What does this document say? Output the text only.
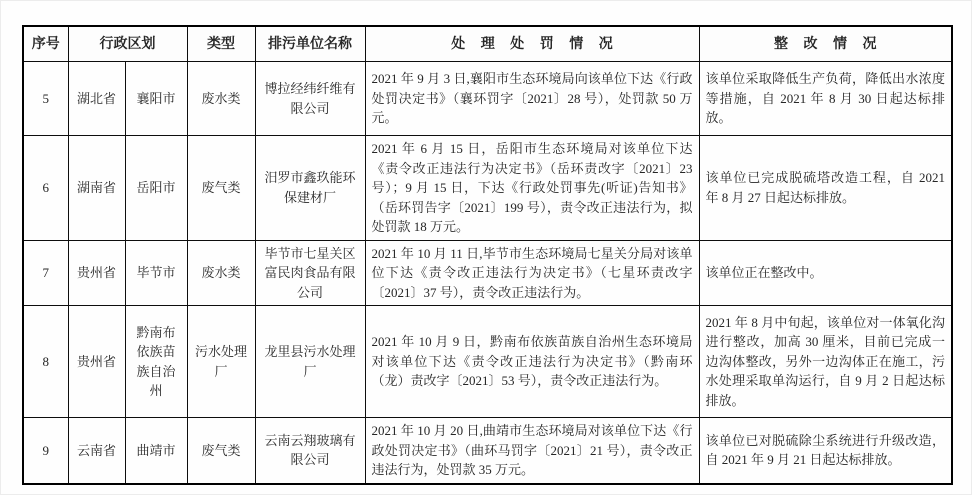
序号	行政区划		类型	排污单位名称	处 理 处 罚 情 况	整 改 情 况
5	湖北省	襄阳市	废水类	博拉经纬纤维有限公司	2021 年 9 月 3 日,襄阳市生态环境局向该单位下达《行政处罚决定书》（襄环罚字〔2021〕28 号），处罚款 50 万元。	该单位采取降低生产负荷，降低出水浓度等措施，自 2021 年 8 月 30 日起达标排放。
6	湖南省	岳阳市	废气类	汨罗市鑫玖能环保建材厂	2021 年 6 月 15 日，岳阳市生态环境局对该单位下达《责令改正违法行为决定书》（岳环责改字〔2021〕23 号）；9 月 15 日，下达《行政处罚事先(听证)告知书》（岳环罚告字〔2021〕199 号），责令改正违法行为，拟处罚款 18 万元。	该单位已完成脱硫塔改造工程，自 2021 年 8 月 27 日起达标排放。
7	贵州省	毕节市	废水类	毕节市七星关区富民肉食品有限公司	2021 年 10 月 11 日,毕节市生态环境局七星关分局对该单位下达《责令改正违法行为决定书》（七星环责改字〔2021〕37 号），责令改正违法行为。	该单位正在整改中。
8	贵州省	黔南布依族苗族自治州	污水处理厂	龙里县污水处理厂	2021 年 10 月 9 日，黔南布依族苗族自治州生态环境局对该单位下达《责令改正违法行为决定书》（黔南环（龙）责改字〔2021〕53 号），责令改正违法行为。	2021 年 8 月中旬起，该单位对一体氧化沟进行整改，加高 30 厘米，目前已完成一边沟体整改，另外一边沟体正在施工，污水处理采取单沟运行，自 9 月 2 日起达标排放。
9	云南省	曲靖市	废气类	云南云翔玻璃有限公司	2021 年 10 月 20 日,曲靖市生态环境局对该单位下达《行政处罚决定书》（曲环马罚字〔2021〕21 号），责令改正违法行为，处罚款 35 万元。	该单位已对脱硫除尘系统进行升级改造，自 2021 年 9 月 21 日起达标排放。
